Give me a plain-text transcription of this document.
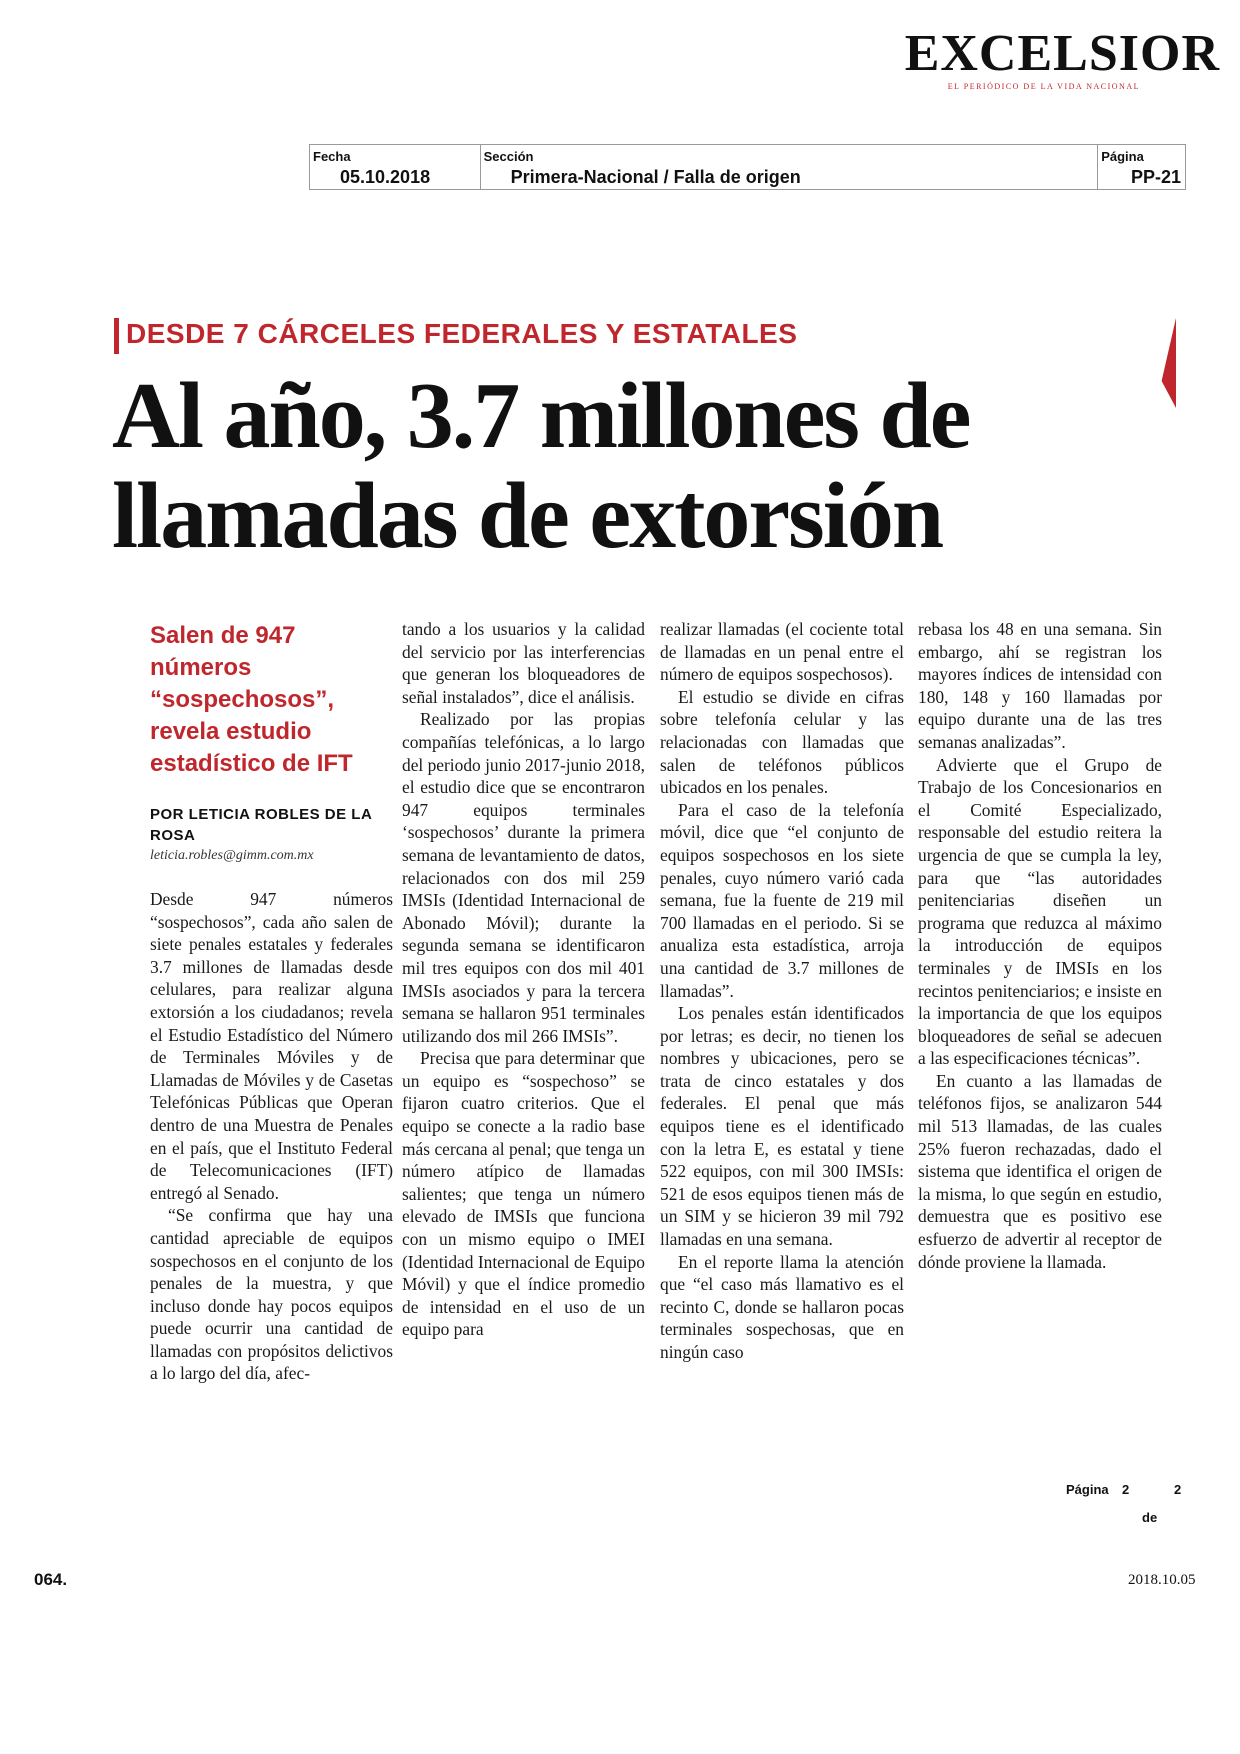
EXCELSIOR
EL PERIÓDICO DE LA VIDA NACIONAL
Fecha
05.10.2018
Sección
Primera-Nacional / Falla de origen
Página
PP-21
DESDE 7 CÁRCELES FEDERALES Y ESTATALES
Al año, 3.7 millones de
llamadas de extorsión
Salen de 947 números “sospechosos”, revela estudio estadístico de IFT
POR LETICIA ROBLES DE LA ROSA
leticia.robles@gimm.com.mx

Desde 947 números “sospechosos”, cada año salen de siete penales estatales y federales 3.7 millones de llamadas desde celulares, para realizar alguna extorsión a los ciudadanos; revela el Estudio Estadístico del Número de Terminales Móviles y de Llamadas de Móviles y de Casetas Telefónicas Públicas que Operan dentro de una Muestra de Penales en el país, que el Instituto Federal de Telecomunicaciones (IFT) entregó al Senado.

“Se confirma que hay una cantidad apreciable de equipos sospechosos en el conjunto de los penales de la muestra, y que incluso donde hay pocos equipos puede ocurrir una cantidad de llamadas con propósitos delictivos a lo largo del día, afec-

tando a los usuarios y la calidad del servicio por las interferencias que generan los bloqueadores de señal instalados”, dice el análisis.

Realizado por las propias compañías telefónicas, a lo largo del periodo junio 2017-junio 2018, el estudio dice que se encontraron 947 equipos terminales ‘sospechosos’ durante la primera semana de levantamiento de datos, relacionados con dos mil 259 IMSIs (Identidad Internacional de Abonado Móvil); durante la segunda semana se identificaron mil tres equipos con dos mil 401 IMSIs asociados y para la tercera semana se hallaron 951 terminales utilizando dos mil 266 IMSIs”.

Precisa que para determinar que un equipo es “sospechoso” se fijaron cuatro criterios. Que el equipo se conecte a la radio base más cercana al penal; que tenga un número atípico de llamadas salientes; que tenga un número elevado de IMSIs que funciona con un mismo equipo o IMEI (Identidad Internacional de Equipo Móvil) y que el índice promedio de intensidad en el uso de un equipo para

realizar llamadas (el cociente total de llamadas en un penal entre el número de equipos sospechosos).

El estudio se divide en cifras sobre telefonía celular y las relacionadas con llamadas que salen de teléfonos públicos ubicados en los penales.

Para el caso de la telefonía móvil, dice que “el conjunto de equipos sospechosos en los siete penales, cuyo número varió cada semana, fue la fuente de 219 mil 700 llamadas en el periodo. Si se anualiza esta estadística, arroja una cantidad de 3.7 millones de llamadas”.

Los penales están identificados por letras; es decir, no tienen los nombres y ubicaciones, pero se trata de cinco estatales y dos federales. El penal que más equipos tiene es el identificado con la letra E, es estatal y tiene 522 equipos, con mil 300 IMSIs: 521 de esos equipos tienen más de un SIM y se hicieron 39 mil 792 llamadas en una semana.

En el reporte llama la atención que “el caso más llamativo es el recinto C, donde se hallaron pocas terminales sospechosas, que en ningún caso

rebasa los 48 en una semana. Sin embargo, ahí se registran los mayores índices de intensidad con 180, 148 y 160 llamadas por equipo durante una de las tres semanas analizadas”.

Advierte que el Grupo de Trabajo de los Concesionarios en el Comité Especializado, responsable del estudio reitera la urgencia de que se cumpla la ley, para que “las autoridades penitenciarias diseñen un programa que reduzca al máximo la introducción de equipos terminales y de IMSIs en los recintos penitenciarios; e insiste en la importancia de que los equipos bloqueadores de señal se adecuen a las especificaciones técnicas”.

En cuanto a las llamadas de teléfonos fijos, se analizaron 544 mil 513 llamadas, de las cuales 25% fueron rechazadas, dado el sistema que identifica el origen de la misma, lo que según en estudio, demuestra que es positivo ese esfuerzo de advertir al receptor de dónde proviene la llamada.

Página 2	2
de
064.	2018.10.05
